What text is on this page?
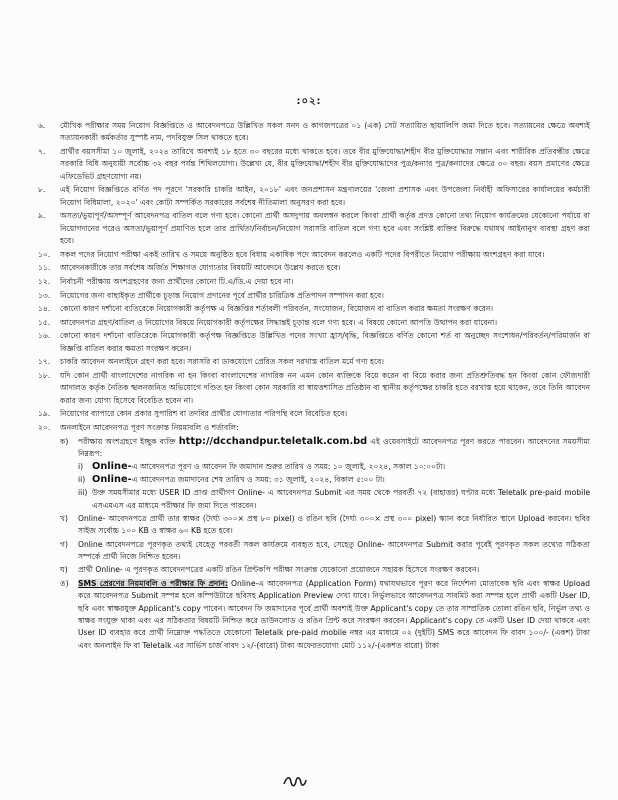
:০২:
৬.	মৌখিক পরীক্ষার সময় নিয়োগ বিজ্ঞপ্তিতে ও আবেদনপত্রে উল্লিখিত সকল সনদ ও কাগজপত্রের ০১ (এক) সেট সত্যায়িত ছায়ালিপি জমা দিতে হবে। সত্যায়নের ক্ষেত্রে অবশ্যই সত্যায়নকারী কর্মকর্তার সুস্পষ্ট নাম, পদবিযুক্ত সিল থাকতে হবে।
৭.	প্রার্থীর বয়সসীমা ১০ জুলাই, ২০২৪ তারিখে অবশ্যই ১৮ হতে ৩০ বছরের মধ্যে থাকতে হবে। তবে বীর মুক্তিযোদ্ধা/শহীদ বীর মুক্তিযোদ্ধার সন্তান এবং শারীরিক প্রতিবন্ধীর ক্ষেত্রে সরকারি বিধি অনুযায়ী সর্বোচ্চ ৩২ বছর পর্যন্ত শিথিলযোগ্য। উল্লেখ্য যে, বীর মুক্তিযোদ্ধা/শহীদ বীর মুক্তিযোদ্ধাদের পুত্র/কন্যার পুত্র/কন্যাদের ক্ষেত্রে ৩০ বছর। বয়স প্রমাণের ক্ষেত্রে এফিডেভিট গ্রহণযোগ্য নয়।
৮.	এই নিয়োগ বিজ্ঞপ্তিতে বর্ণিত পদ পূরণে 'সরকারি চাকরি আইন, ২০১৮' এবং জনপ্রশাসন মন্ত্রণালয়ের 'জেলা প্রশাসক এবং উপজেলা নির্বাহী অফিসারের কার্যালয়ের কর্মচারী নিয়োগ বিধিমালা, ২০২০' এবং কোটা সম্পর্কিত সরকারের সর্বশেষ নীতিমালা অনুসরণ করা হবে।
৯.	অসত্য/ভুয়াপূর্ণ/অসম্পূর্ণ আবেদনপত্র বাতিল বলে গণ্য হবে। কোনো প্রার্থী অসদুপায় অবলম্বন করলে কিংবা প্রার্থী কর্তৃক প্রদত্ত কোনো তথ্য নিয়োগ কার্যক্রমের যেকোনো পর্যায়ে বা নিয়োগদানের পরেও অসত্য/ভুয়াপূর্ণ প্রমাণিত হলে তার প্রার্থিতা/নির্বাচন/নিয়োগ সরাসরি বাতিল বলে গণ্য হবে এবং সংশ্লিষ্ট ব্যক্তির বিরুদ্ধে যথাযথ আইনানুগ ব্যবস্থা গ্রহণ করা হবে।
১০.	সকল পদের নিয়োগ পরীক্ষা একই তারিখ ও সময়ে অনুষ্ঠিত হবে বিধায় একাধিক পদে আবেদন করলেও একটি পদের বিপরীতে নিয়োগ পরীক্ষায় অংশগ্রহণ করা যাবে।
১১.	আবেদনকারীকে তার সর্বশেষ অর্জিত শিক্ষাগত যোগ্যতার বিষয়টি আবেদনে উল্লেখ করতে হবে।
১২.	নির্বাচনী পরীক্ষায় অংশগ্রহণের জন্য প্রার্থীদের কোনো টি.এ/ডি.এ দেয়া হবে না।
১৩.	নিয়োগের জন্য বাছাইকৃত প্রার্থীকে চূড়ান্ত নিয়োগ প্রদানের পূর্বে প্রার্থীর চারিত্রিক প্রতিপাদন সম্পাদন করা হবে।
১৪.	কোনো কারণ দর্শানো ব্যতিরেকে নিয়োগকারী কর্তৃপক্ষ এ বিজ্ঞপ্তির শর্তাবলী পরিবর্তন, সংযোজন, বিয়োজন বা বাতিল করার ক্ষমতা সংরক্ষণ করেন।
১৫.	আবেদনপত্র গ্রহণ/বাতিল ও নিয়োগের বিষয়ে নিয়োগকারী কর্তৃপক্ষের সিদ্ধান্তই চূড়ান্ত বলে গণ্য হবে। এ বিষয়ে কোনো আপত্তি উত্থাপন করা যাবেনা।
১৬.	কোনো কারণ দর্শানো ব্যতিরেকে নিয়োগকারী কর্তৃপক্ষ বিজ্ঞপ্তিতে উল্লিখিত পদের সংখ্যা হ্রাস/বৃদ্ধি, বিজ্ঞপ্তিতে বর্ণিত কোনো শর্ত বা অনুচ্ছেদ সংশোধন/পরিবর্তন/পরিমার্জন বা বিজ্ঞপ্তি বাতিল করার ক্ষমতা সংরক্ষণ করেন।
১৭.	চাকরি আবেদন অনলাইনে গ্রহণ করা হবে। সরাসরি বা ডাকযোগে প্রেরিত সকল দরখাস্ত বাতিল মর্মে গণ্য হবে।
১৮.	যদি কোন প্রার্থী বাংলাদেশের নাগরিক না হন কিংবা বাংলাদেশের নাগরিক নন এমন কোন ব্যক্তিকে বিয়ে করেন বা বিয়ে করার জন্য প্রতিশ্রুতিবদ্ধ হন কিংবা কোন ফৌজদারী আদালত কর্তৃক নৈতিক স্খলনজনিত অভিযোগে দণ্ডিত হন কিংবা কোন সরকারি বা স্বায়ত্তশাসিত প্রতিষ্ঠান বা স্থানীয় কর্তৃপক্ষের চাকরি হতে বরখাস্ত হয়ে থাকেন, তবে তিনি আবেদন করার জন্য যোগ্য হিসেবে বিবেচিত হবেন না।
১৯.	নিয়োগের ব্যাপারে কোন প্রকার সুপারিশ বা তদবির প্রার্থীর যোগ্যতার পরিপন্থি বলে বিবেচিত হবে।
২০.	অনলাইনে আবেদনপত্র পূরণ সংক্রান্ত নিয়মাবলি ও শর্তাবলি:
ক)	পরীক্ষায় অংশগ্রহণে ইচ্ছুক ব্যক্তি http://dcchandpur.teletalk.com.bd এই ওয়েবসাইটে আবেদনপত্র পূরণ করতে পারবেন। আবেদনের সময়সীমা নিম্নরূপ:
i) Online-এ আবেদনপত্র পূরণ ও আবেদন ফি জমাদান শুরুর তারিখ ও সময়: ১০ জুলাই, ২০২৪, সকাল ১০:০০টা।
ii) Online-এ আবেদনপত্র জমাদানের শেষ তারিখ ও সময়: ৩১ জুলাই, ২০২৪, বিকাল ৫:০০ টা।
iii) উক্ত সময়সীমার মধ্যে USER ID প্রাপ্ত প্রার্থীগণ Online- এ আবেদনপত্র Submit এর সময় থেকে পরবর্তী ৭২ (বাহাত্তর) ঘণ্টার মধ্যে Teletalk pre-paid mobile এসএমএস এর মাধ্যমে পরীক্ষার ফি জমা দিতে পারবেন।
খ)	Online- আবেদনপত্রে প্রার্থী তার স্বাক্ষর (দৈর্ঘ্য ৩০০× প্রস্থ ৮০ pixel) ও রঙিন ছবি (দৈর্ঘ্য ৩০০× প্রস্থ ৩০০ pixel) স্ক্যান করে নির্ধারিত স্থানে Upload করবেন। ছবির সাইজ সর্বোচ্চ ১০০ KB ও স্বাক্ষর ৬০ KB হতে হবে।
গ)	Online আবেদনপত্রে পূরণকৃত তথ্যই যেহেতু পরবর্তী সকল কার্যক্রমে ব্যবহৃত হবে, সেহেতু Online- আবেদনপত্র Submit করার পূর্বেই পূরণকৃত সকল তথ্যের সঠিকতা সম্পর্কে প্রার্থী নিজে নিশ্চিত হবেন।
ঘ)	প্রার্থী Online- এ পূরণকৃত আবেদনপত্রের একটি রঙিন প্রিন্টকপি পরীক্ষা সংক্রান্ত যেকোনো প্রয়োজনে সহায়ক হিসেবে সংরক্ষণ করবেন।
ঙ)	SMS প্রেরণের নিয়মাবলি ও পরীক্ষার ফি প্রদান: Online-এ আবেদনপত্র (Application Form) যথাযথভাবে পূরণ করে নির্দেশনা মোতাবেক ছবি এবং স্বাক্ষর Upload করে আবেদনপত্র Submit সম্পন্ন হলে কম্পিউটারে ছবিসহ Application Preview দেখা যাবে। নির্ভুলভাবে আবেদনপত্র সাবমিট করা সম্পন্ন হলে প্রার্থী একটি User ID, ছবি এবং স্বাক্ষরযুক্ত Applicant's copy পাবেন। আবেদন ফি জমাদানের পূর্বে প্রার্থী অবশ্যই উক্ত Applicant's copy তে তার সাম্প্রতিক তোলা রঙিন ছবি, নির্ভুল তথ্য ও স্বাক্ষর সংযুক্ত থাকা এবং এর সঠিকতার বিষয়টি নিশ্চিত করে ডাউনলোড ও রঙিন প্রিন্ট করে সংরক্ষণ করবেন। Applicant's copy তে একটি User ID দেয়া থাকবে এবং User ID ব্যবহার করে প্রার্থী নিম্নোক্ত পদ্ধতিতে যেকোনো Teletalk pre-paid mobile নম্বর এর মাধ্যমে ০২ (দুইটি) SMS করে আবেদন ফি বাবদ ১০০/- (একশ) টাকা এবং অনলাইন ফি বা Teletalk এর সার্ভিস চার্জ বাবদ ১২/-(বারো) টাকা অফেরতযোগ্য মোট ১১২/-(একশত বারো) টাকা
